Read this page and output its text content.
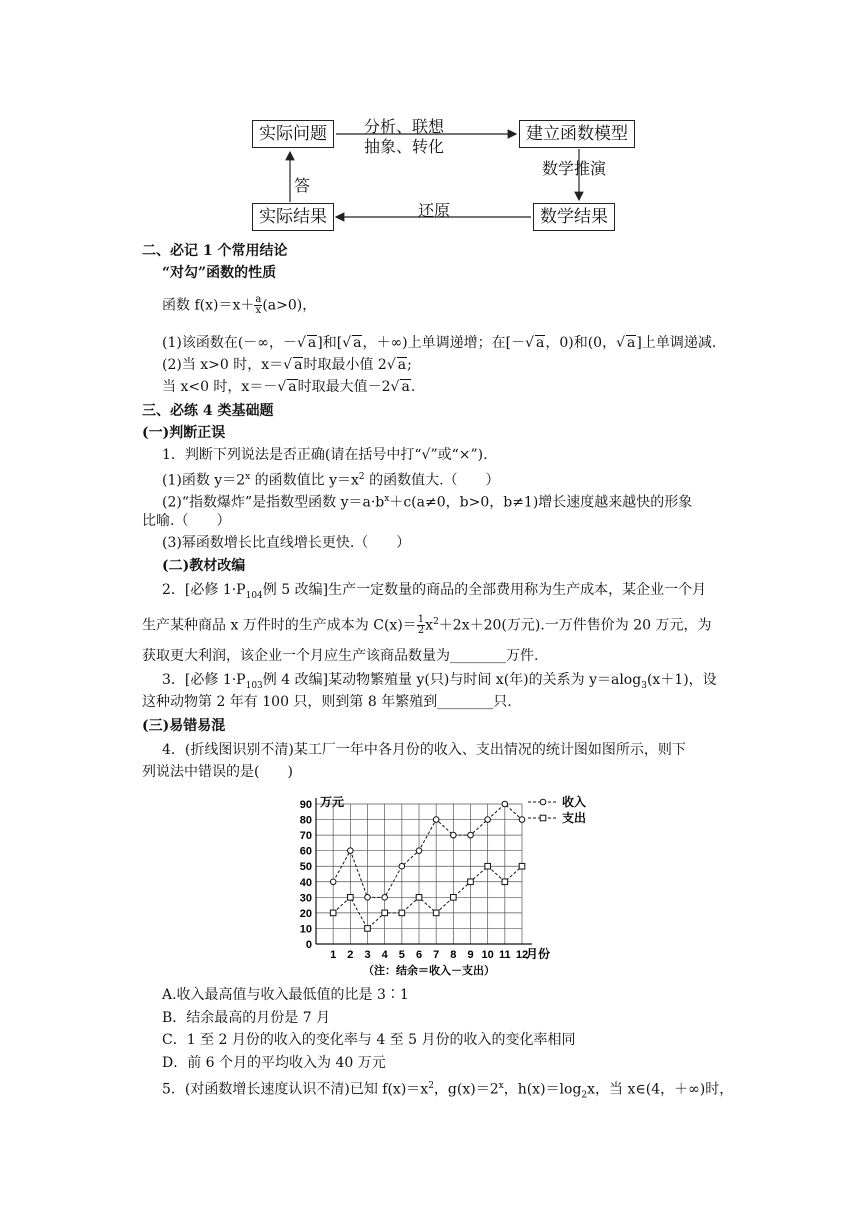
实际问题	建立函数模型
数学结果
实际结果
分析、联想
抽象、转化
数学推演
还原
答
二、必记 1 个常用结论
“对勾”函数的性质
函数 $f(x)=x+ \frac{a}{x} (a>0)$，
(1)该函数在(－∞，－√ a]和[√ a，＋∞)上单调递增；在[－√ a，0)和(0，√ a]上单调递减.
(2)当 x>0 时，x＝√ a时取最小值 2√ a;
当 x<0 时，x＝－√ a时取最大值－2√ a.
三、必练 4 类基础题
(一)判断正误
1．判断下列说法是否正确(请在括号中打“√”或“×”).
(1)函数 $y=2^x$ 的函数值比 $y=x^2$ 的函数值大.（　　）
(2)“指数爆炸”是指数型函数 $y=a\cdot b^x+c(a\ne 0$，b>0，b≠1)增长速度越来越快的形象
比喻.（　　）
(3)幂函数增长比直线增长更快.（　　）
(二)教材改编
2．[必修 $1\cdot P_{104}$例 5 改编]生产一定数量的商品的全部费用称为生产成本，某企业一个月
生产某种商品 x 万件时的生产成本为 $C(x)= \frac{1}{2} x^2+2x+20$(万元).一万件售价为 20 万元，为
获取更大利润，该企业一个月应生产该商品数量为________万件.
3．[必修 $1\cdot P_{103}$例 4 改编]某动物繁殖量 y(只)与时间 x(年)的关系为 y＝alog$_3$(x＋1)，设
这种动物第 2 年有 100 只，则到第 8 年繁殖到________只.
(三)易错易混
4．(折线图识别不清)某工厂一年中各月份的收入、支出情况的统计图如图所示，则下
列说法中错误的是(　　)
0
10
20
30
40
50
60
70
80
90
1 2 3 4 5 6 7 8 9 10 11 12
万元
月份
（注：结余＝收入－支出）
收入
支出
A.收入最高值与收入最低值的比是 3∶1
B．结余最高的月份是 7 月
C．1 至 2 月份的收入的变化率与 4 至 5 月份的收入的变化率相同
D．前 6 个月的平均收入为 40 万元
5．(对函数增长速度认识不清)已知 $f(x)=x^2$，$g(x)=2^x$，$h(x)=\log_2x$，当 x∈(4，＋∞)时，
